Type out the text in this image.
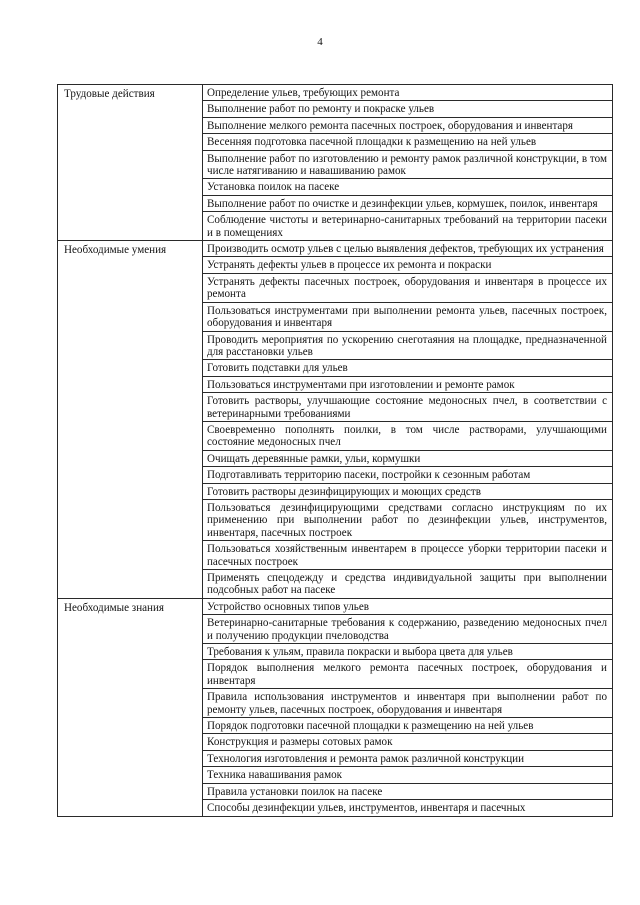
4
Трудовые действия	Определение ульев, требующих ремонта
	Выполнение работ по ремонту и покраске ульев
	Выполнение мелкого ремонта пасечных построек, оборудования и инвентаря
	Весенняя подготовка пасечной площадки к размещению на ней ульев
	Выполнение работ по изготовлению и ремонту рамок различной конструкции, в том числе натягиванию и навашиванию рамок
	Установка поилок на пасеке
	Выполнение работ по очистке и дезинфекции ульев, кормушек, поилок, инвентаря
	Соблюдение чистоты и ветеринарно-санитарных требований на территории пасеки и в помещениях
Необходимые умения	Производить осмотр ульев с целью выявления дефектов, требующих их устранения
	Устранять дефекты ульев в процессе их ремонта и покраски
	Устранять дефекты пасечных построек, оборудования и инвентаря в процессе их ремонта
	Пользоваться инструментами при выполнении ремонта ульев, пасечных построек, оборудования и инвентаря
	Проводить мероприятия по ускорению снеготаяния на площадке, предназначенной для расстановки ульев
	Готовить подставки для ульев
	Пользоваться инструментами при изготовлении и ремонте рамок
	Готовить растворы, улучшающие состояние медоносных пчел, в соответствии с ветеринарными требованиями
	Своевременно пополнять поилки, в том числе растворами, улучшающими состояние медоносных пчел
	Очищать деревянные рамки, ульи, кормушки
	Подготавливать территорию пасеки, постройки к сезонным работам
	Готовить растворы дезинфицирующих и моющих средств
	Пользоваться дезинфицирующими средствами согласно инструкциям по их применению при выполнении работ по дезинфекции ульев, инструментов, инвентаря, пасечных построек
	Пользоваться хозяйственным инвентарем в процессе уборки территории пасеки и пасечных построек
	Применять спецодежду и средства индивидуальной защиты при выполнении подсобных работ на пасеке
Необходимые знания	Устройство основных типов ульев
	Ветеринарно-санитарные требования к содержанию, разведению медоносных пчел и получению продукции пчеловодства
	Требования к ульям, правила покраски и выбора цвета для ульев
	Порядок выполнения мелкого ремонта пасечных построек, оборудования и инвентаря
	Правила использования инструментов и инвентаря при выполнении работ по ремонту ульев, пасечных построек, оборудования и инвентаря
	Порядок подготовки пасечной площадки к размещению на ней ульев
	Конструкция и размеры сотовых рамок
	Технология изготовления и ремонта рамок различной конструкции
	Техника навашивания рамок
	Правила установки поилок на пасеке
	Способы дезинфекции ульев, инструментов, инвентаря и пасечных
